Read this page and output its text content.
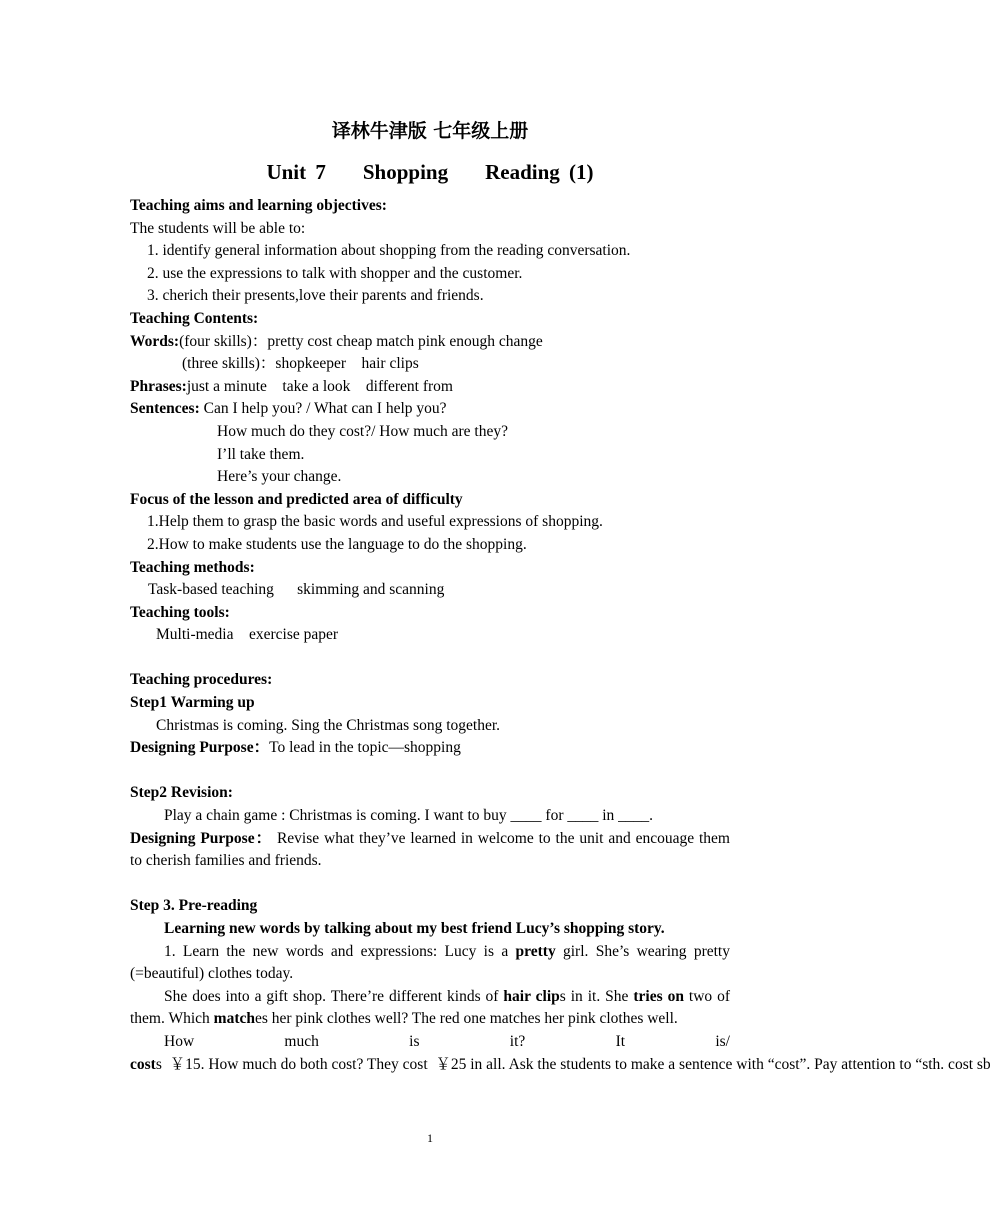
译林牛津版 七年级上册
Unit 7    Shopping    Reading (1)

Teaching aims and learning objectives:

The students will be able to:

1. identify general information about shopping from the reading conversation.

2. use the expressions to talk with shopper and the customer.

3. cherich their presents,love their parents and friends.

Teaching Contents:

Words:(four skills)：pretty cost cheap match pink enough change

(three skills)：shopkeeper    hair clips

Phrases:just a minute    take a look    different from

Sentences: Can I help you? / What can I help you?

How much do they cost?/ How much are they?

I’ll take them.

Here’s your change.

Focus of the lesson and predicted area of difficulty

1.Help them to grasp the basic words and useful expressions of shopping.

2.How to make students use the language to do the shopping.

Teaching methods:

Task-based teaching      skimming and scanning

Teaching tools:

Multi-media    exercise paper

Teaching procedures:

Step1 Warming up

Christmas is coming. Sing the Christmas song together.

Designing Purpose：To lead in the topic—shopping

Step2 Revision:

Play a chain game : Christmas is coming. I want to buy ____ for ____ in ____.

Designing Purpose： Revise what they’ve learned in welcome to the unit and encouage them to cherish families and friends.

Step 3. Pre-reading

Learning new words by talking about my best friend Lucy’s shopping story.

1. Learn the new words and expressions: Lucy is a pretty girl. She’s wearing pretty (=beautiful) clothes today.

She does into a gift shop. There’re different kinds of hair clips in it. She tries on two of them. Which matches her pink clothes well? The red one matches her pink clothes well.

How much is it? It is/ costs  ￥15. How much do both cost? They cost  ￥25 in all. Ask the students to make a sentence with “cost”. Pay attention to “sth. cost sb

1
